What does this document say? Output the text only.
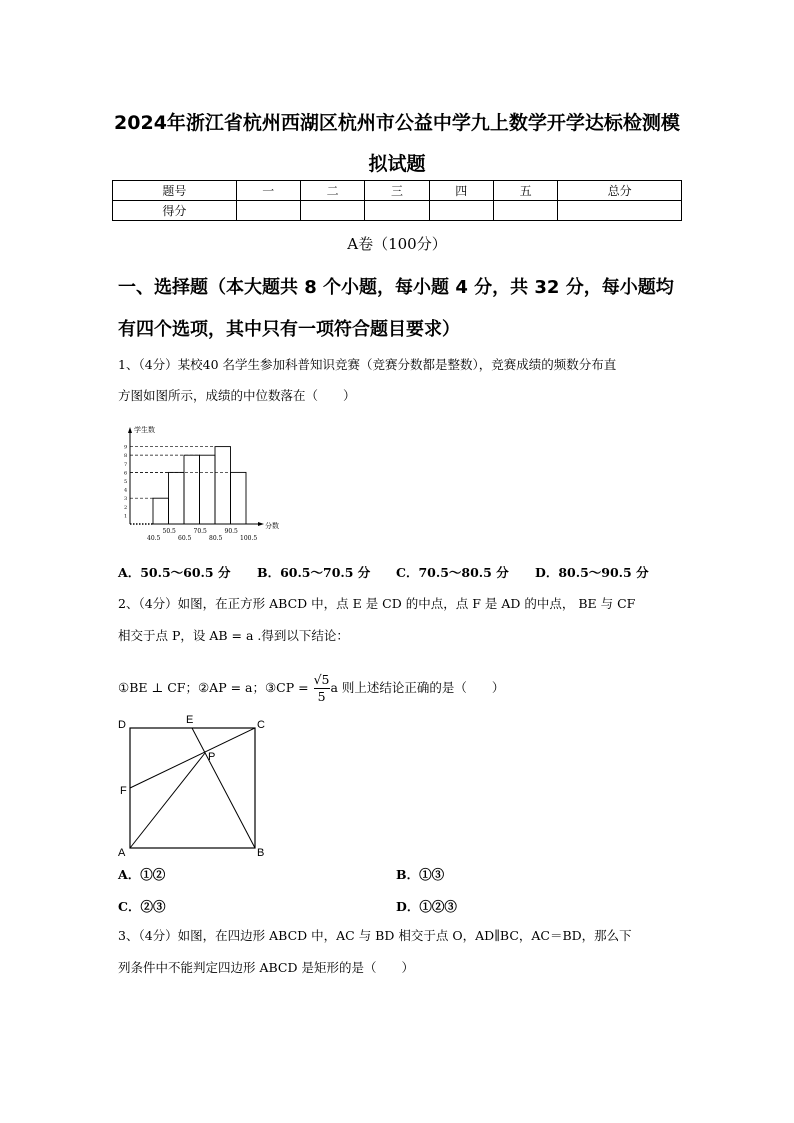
2024年浙江省杭州西湖区杭州市公益中学九上数学开学达标检测模
拟试题
题号	一	二	三	四	五	总分
得分						
A卷（100分）
一、选择题（本大题共 8 个小题，每小题 4 分，共 32 分，每小题均
有四个选项，其中只有一项符合题目要求）
1、（4分）某校40 名学生参加科普知识竞赛（竞赛分数都是整数），竞赛成绩的频数分布直
方图如图所示，成绩的中位数落在（　　）
学生数
分数
1
2
3
4
5
6
7
8
9
40.5
50.5
60.5
70.5
80.5
90.5
100.5
A．50.5～60.5 分 B．60.5～70.5 分 C．70.5～80.5 分 D．80.5～90.5 分
2、（4分）如图，在正方形 ABCD 中，点 E 是 CD 的中点，点 F 是 AD 的中点， BE 与 CF
相交于点 P，设 AB = a .得到以下结论：
①BE ⊥ CF；②AP = a；③CP = $\frac{√5}{5}$ a 则上述结论正确的是（　　）
D	E	C
P
F
A	B
A．①②	B．①③
C．②③	D．①②③
3、（4分）如图，在四边形 ABCD 中，AC 与 BD 相交于点 O，AD∥BC，AC＝BD，那么下
列条件中不能判定四边形 ABCD 是矩形的是（　　）
